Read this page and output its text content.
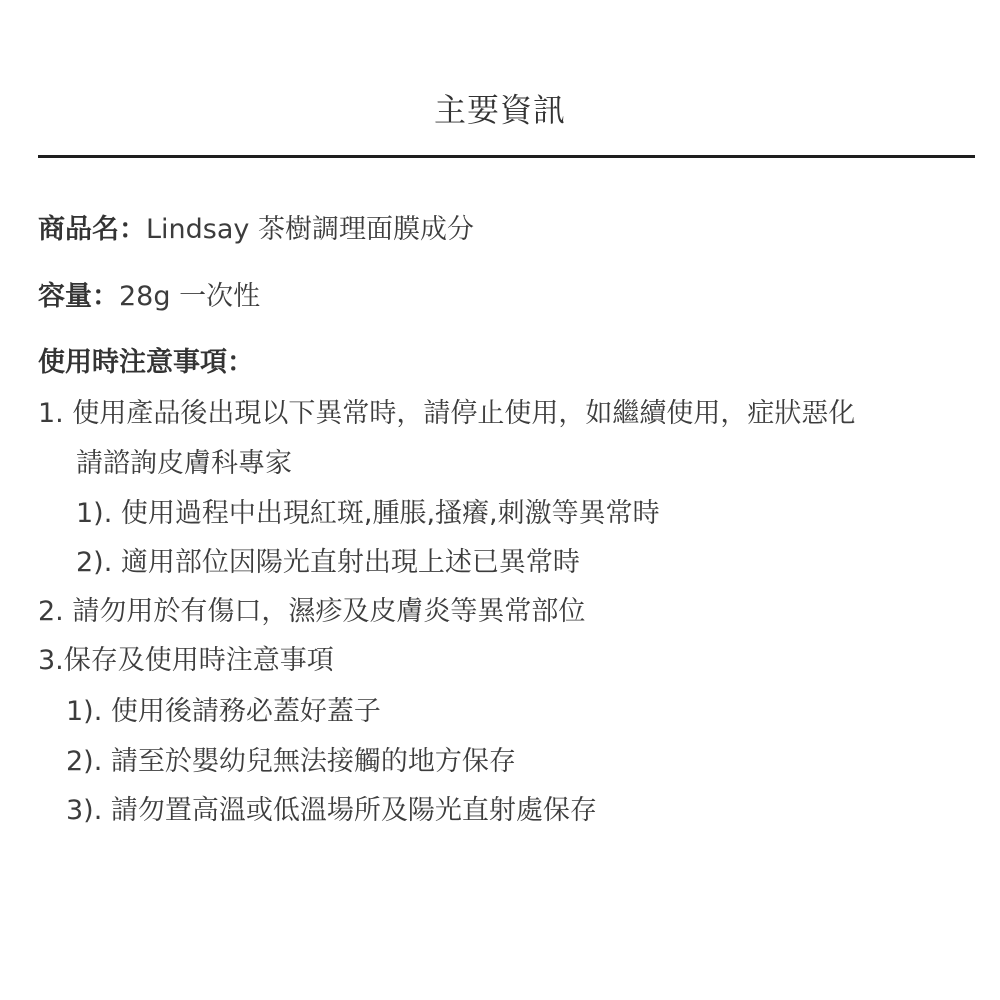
主要資訊
商品名：Lindsay 茶樹調理面膜成分
容量：28g 一次性
使用時注意事項：
1. 使用產品後出現以下異常時，請停止使用，如繼續使用，症狀惡化
請諮詢皮膚科專家
1). 使用過程中出現紅斑,腫脹,搔癢,刺激等異常時
2). 適用部位因陽光直射出現上述已異常時
2. 請勿用於有傷口，濕疹及皮膚炎等異常部位
3.保存及使用時注意事項
1). 使用後請務必蓋好蓋子
2). 請至於嬰幼兒無法接觸的地方保存
3). 請勿置高溫或低溫場所及陽光直射處保存
